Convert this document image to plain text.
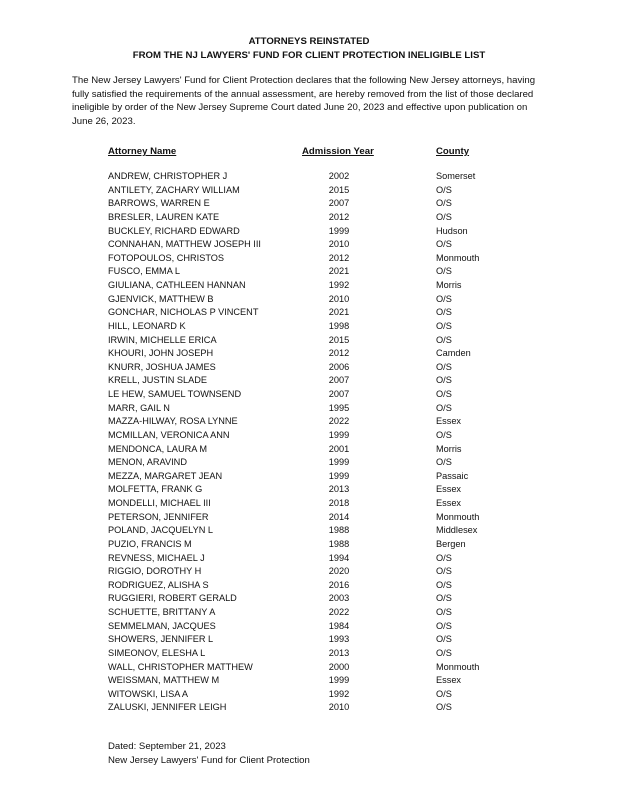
ATTORNEYS REINSTATED
FROM THE NJ LAWYERS' FUND FOR CLIENT PROTECTION INELIGIBLE LIST
The New Jersey Lawyers' Fund for Client Protection declares that the following New Jersey attorneys, having fully satisfied the requirements of the annual assessment, are hereby removed from the list of those declared ineligible by order of the New Jersey Supreme Court dated June 20, 2023 and effective upon publication on June 26, 2023.
Attorney Name	Admission Year	County
ANDREW, CHRISTOPHER J	2002	Somerset
ANTILETY, ZACHARY WILLIAM	2015	O/S
BARROWS, WARREN E	2007	O/S
BRESLER, LAUREN KATE	2012	O/S
BUCKLEY, RICHARD EDWARD	1999	Hudson
CONNAHAN, MATTHEW JOSEPH III	2010	O/S
FOTOPOULOS, CHRISTOS	2012	Monmouth
FUSCO, EMMA L	2021	O/S
GIULIANA, CATHLEEN HANNAN	1992	Morris
GJENVICK, MATTHEW B	2010	O/S
GONCHAR, NICHOLAS P VINCENT	2021	O/S
HILL, LEONARD K	1998	O/S
IRWIN, MICHELLE ERICA	2015	O/S
KHOURI, JOHN JOSEPH	2012	Camden
KNURR, JOSHUA JAMES	2006	O/S
KRELL, JUSTIN SLADE	2007	O/S
LE HEW, SAMUEL TOWNSEND	2007	O/S
MARR, GAIL N	1995	O/S
MAZZA-HILWAY, ROSA LYNNE	2022	Essex
MCMILLAN, VERONICA ANN	1999	O/S
MENDONCA, LAURA M	2001	Morris
MENON, ARAVIND	1999	O/S
MEZZA, MARGARET JEAN	1999	Passaic
MOLFETTA, FRANK G	2013	Essex
MONDELLI, MICHAEL III	2018	Essex
PETERSON, JENNIFER	2014	Monmouth
POLAND, JACQUELYN L	1988	Middlesex
PUZIO, FRANCIS M	1988	Bergen
REVNESS, MICHAEL J	1994	O/S
RIGGIO, DOROTHY H	2020	O/S
RODRIGUEZ, ALISHA S	2016	O/S
RUGGIERI, ROBERT GERALD	2003	O/S
SCHUETTE, BRITTANY A	2022	O/S
SEMMELMAN, JACQUES	1984	O/S
SHOWERS, JENNIFER L	1993	O/S
SIMEONOV, ELESHA L	2013	O/S
WALL, CHRISTOPHER MATTHEW	2000	Monmouth
WEISSMAN, MATTHEW M	1999	Essex
WITOWSKI, LISA A	1992	O/S
ZALUSKI, JENNIFER LEIGH	2010	O/S
Dated: September 21, 2023
New Jersey Lawyers' Fund for Client Protection
